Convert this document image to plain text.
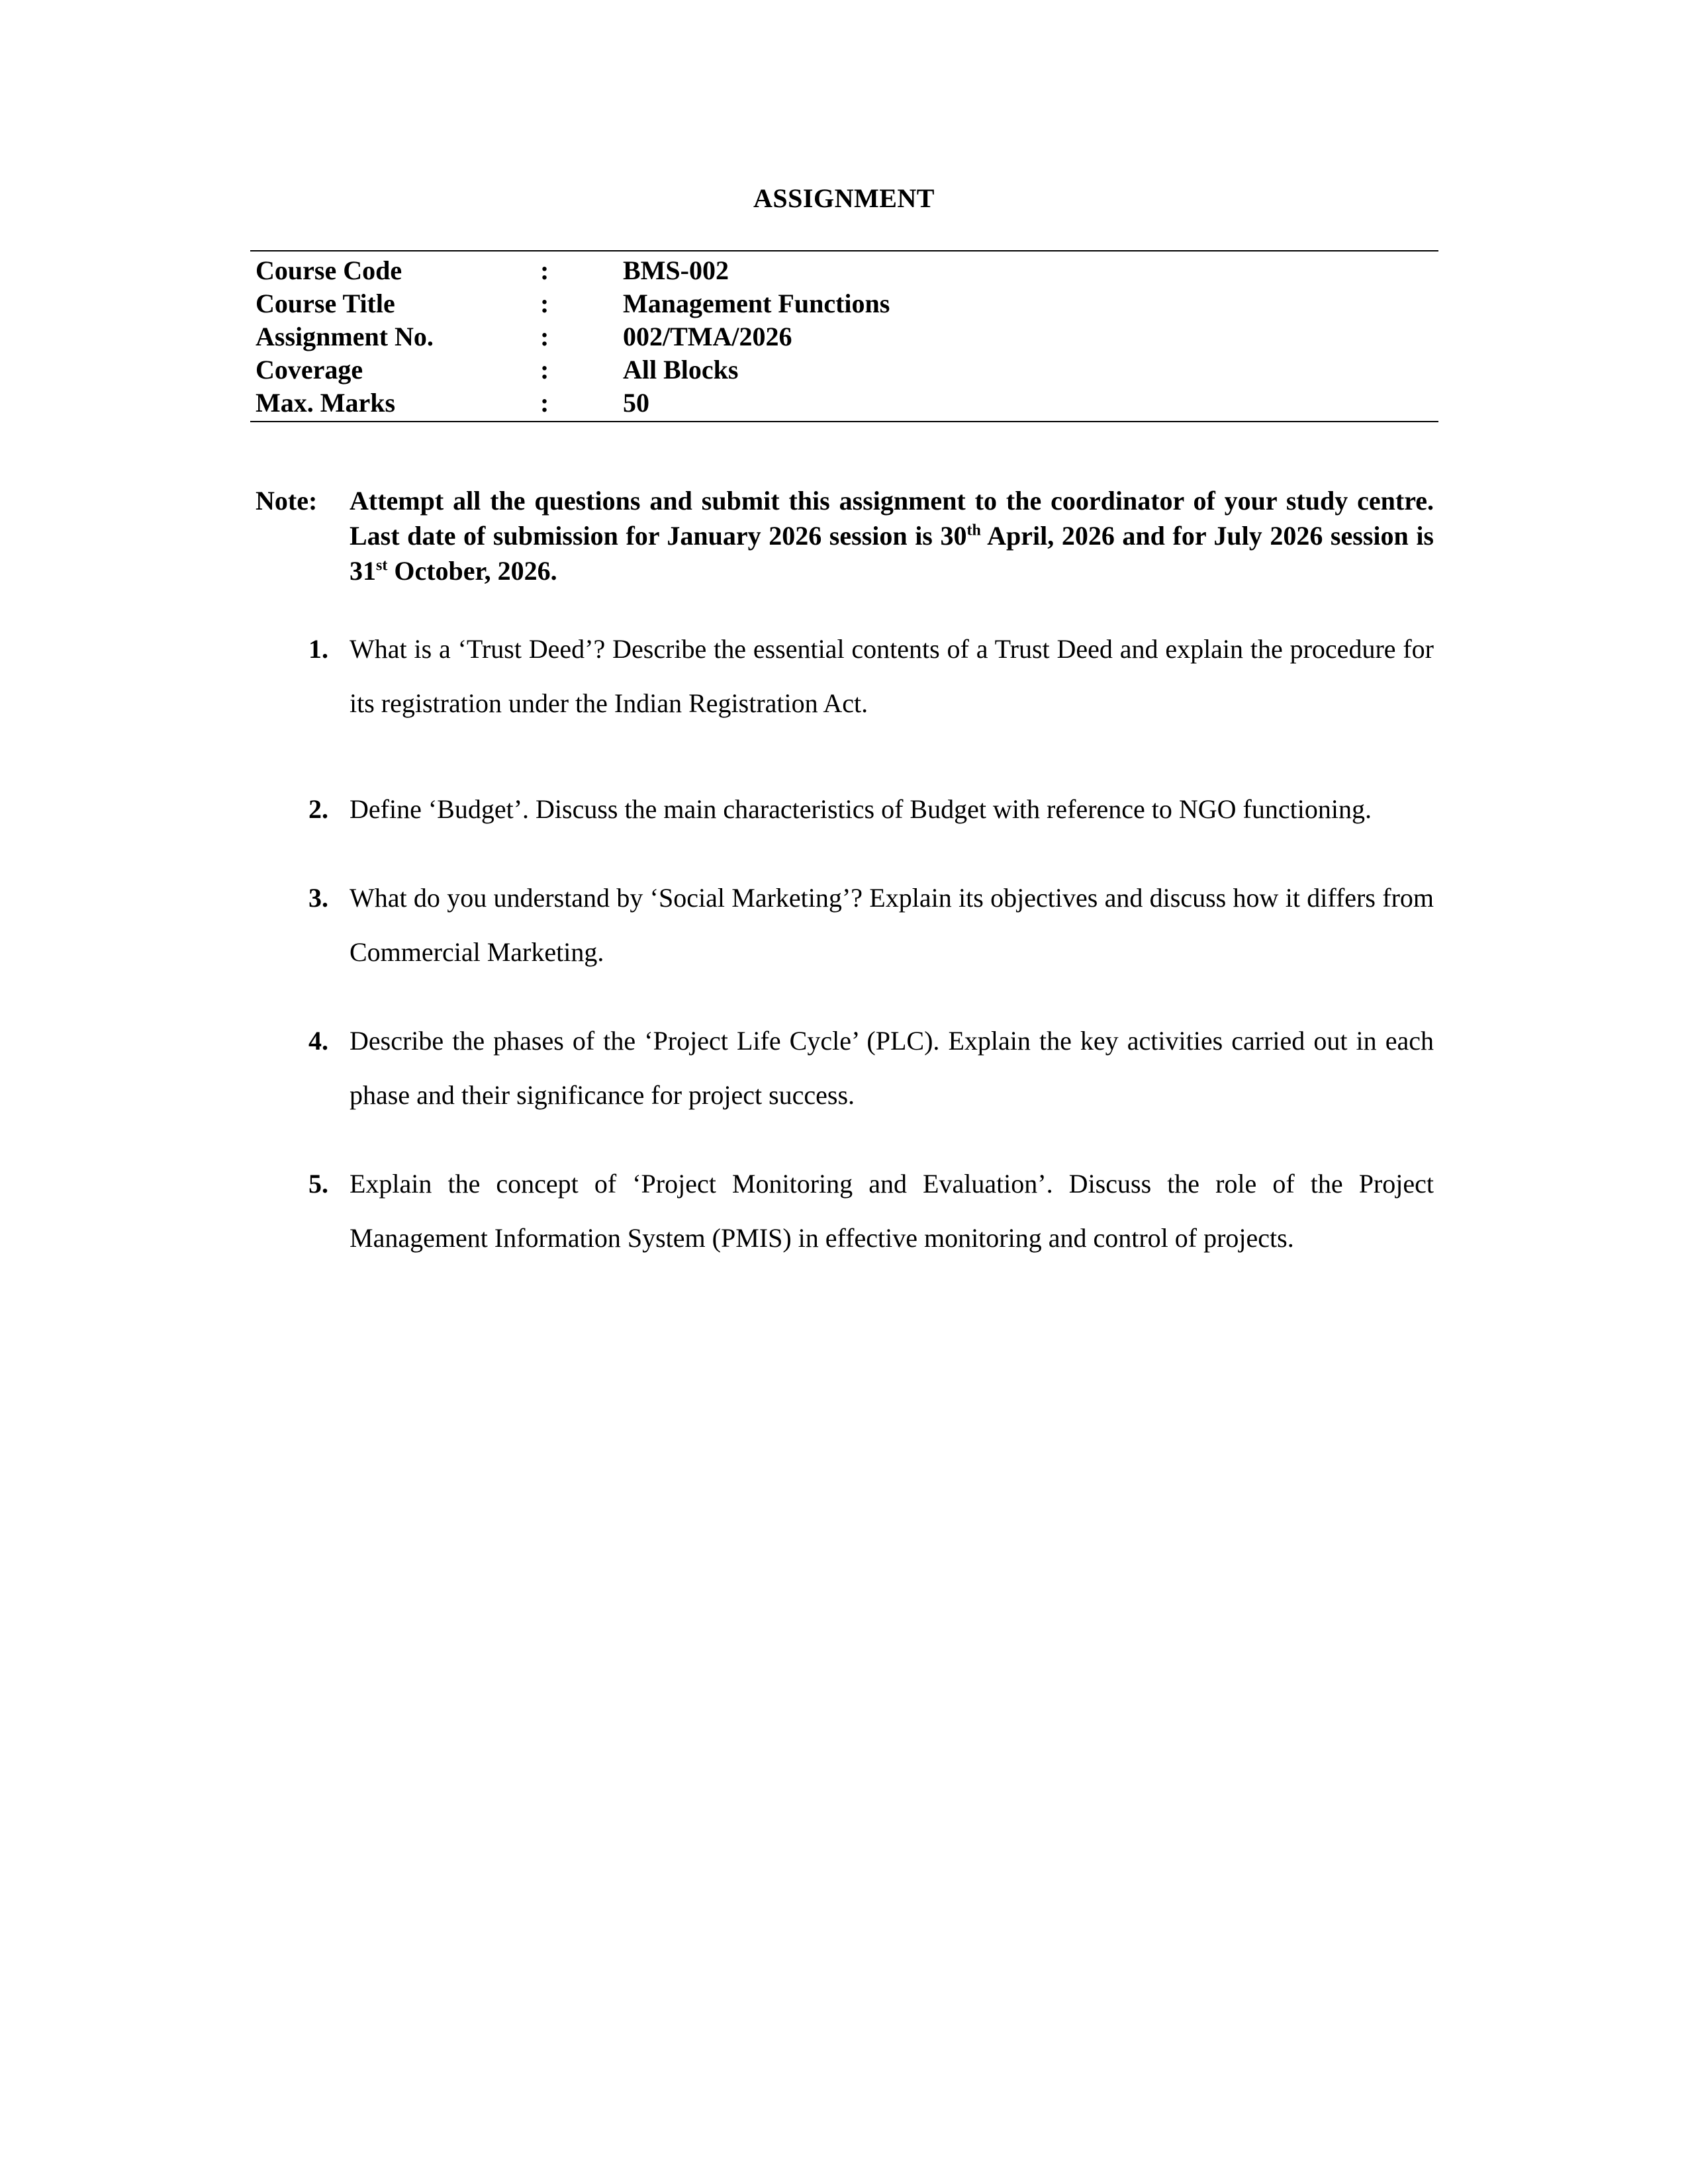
ASSIGNMENT
Course Code	:	BMS-002
Course Title	:	Management Functions
Assignment No.	:	002/TMA/2026
Coverage	:	All Blocks
Max. Marks	:	50
Note:	Attempt all the questions and submit this assignment to the coordinator of your study centre. Last date of submission for January 2026 session is 30th April, 2026 and for July 2026 session is 31st October, 2026.
1. What is a ‘Trust Deed’? Describe the essential contents of a Trust Deed and explain the procedure for its registration under the Indian Registration Act.
2. Define ‘Budget’. Discuss the main characteristics of Budget with reference to NGO functioning.
3. What do you understand by ‘Social Marketing’? Explain its objectives and discuss how it differs from Commercial Marketing.
4. Describe the phases of the ‘Project Life Cycle’ (PLC). Explain the key activities carried out in each phase and their significance for project success.
5. Explain the concept of ‘Project Monitoring and Evaluation’. Discuss the role of the Project Management Information System (PMIS) in effective monitoring and control of projects.
